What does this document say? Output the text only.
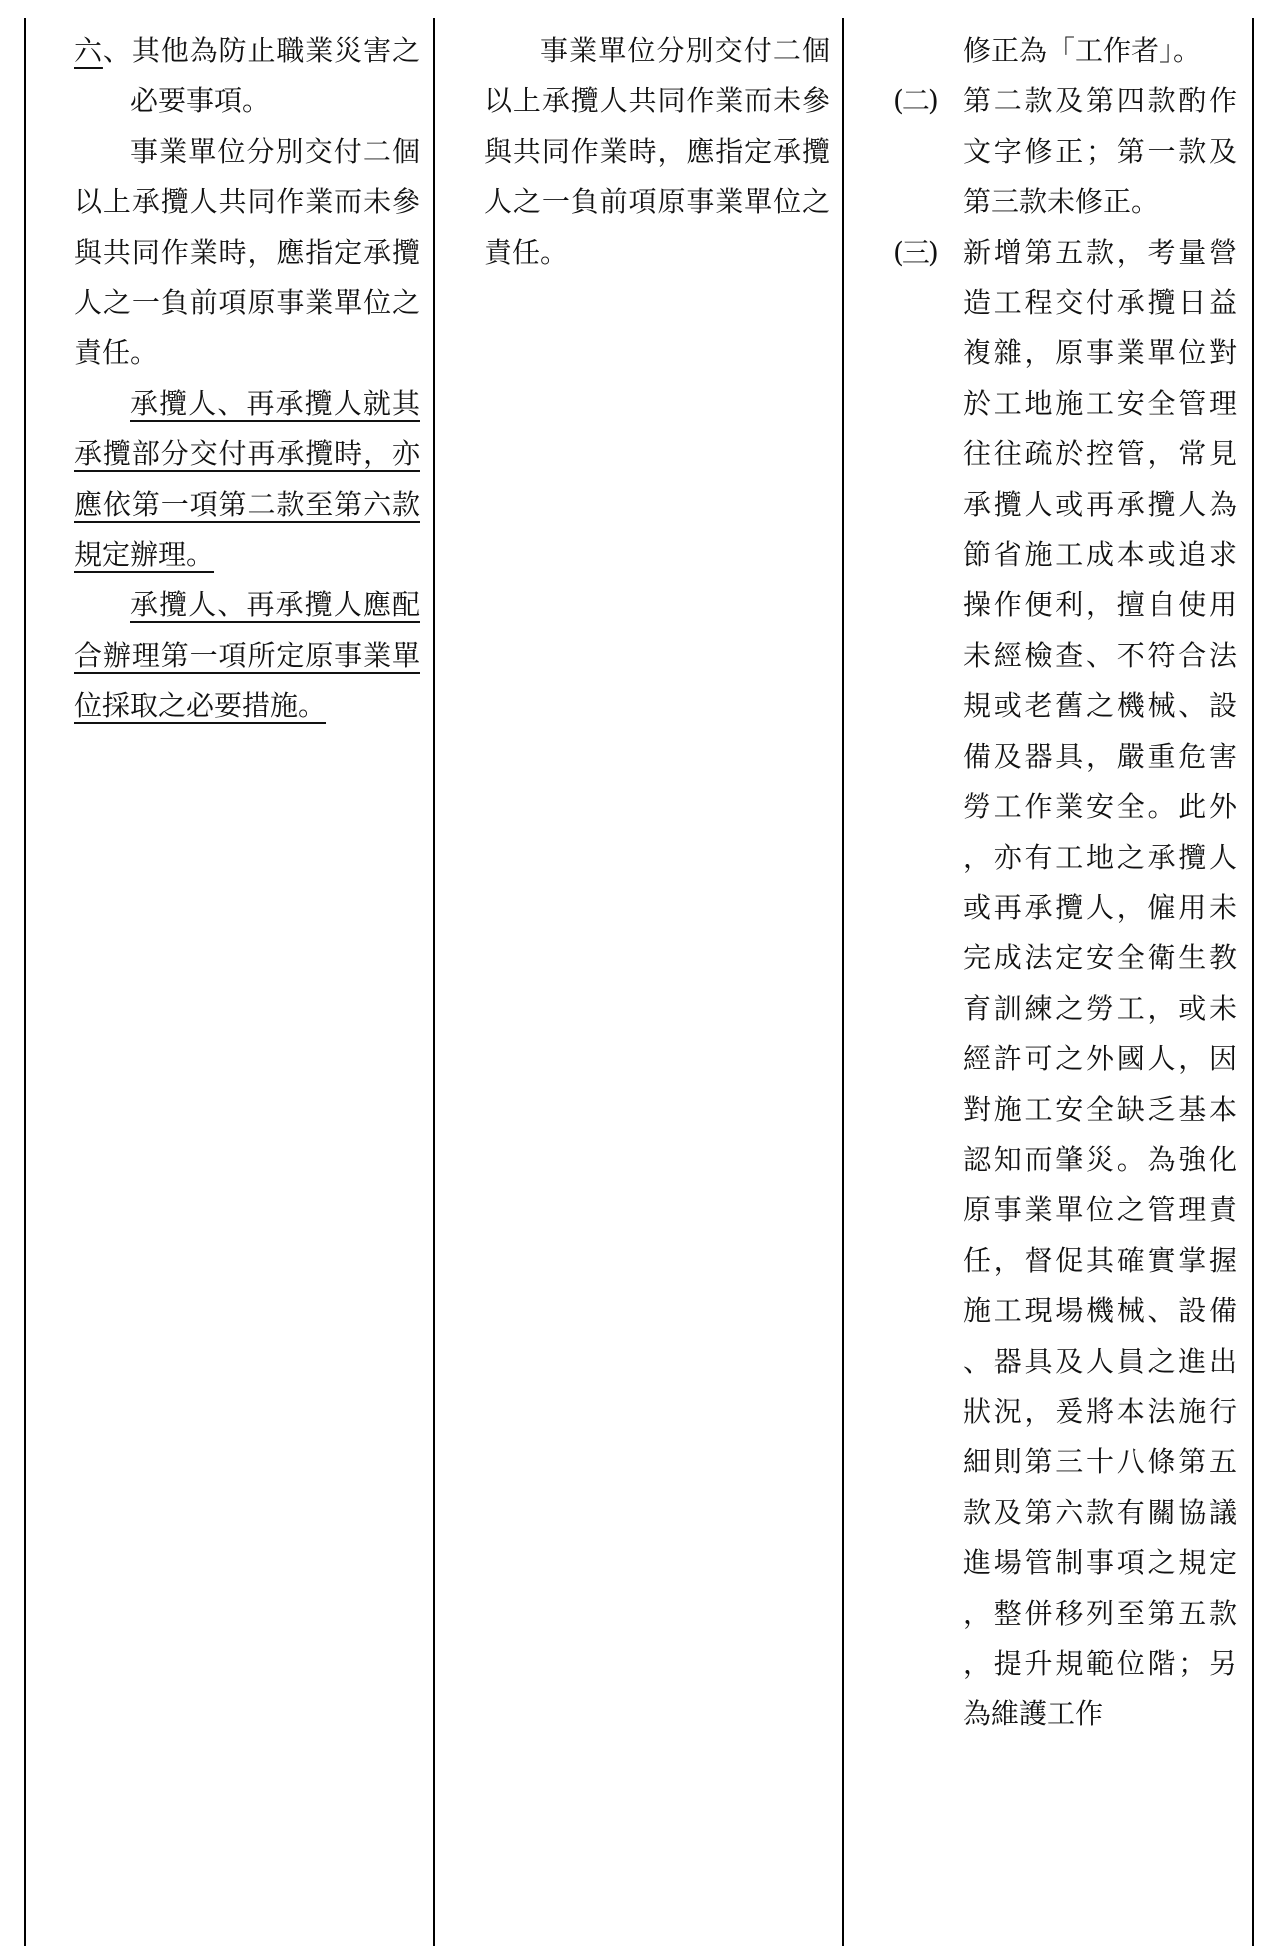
六、其他為防止職業災害之必要事項。

事業單位分別交付二個以上承攬人共同作業而未參與共同作業時，應指定承攬人之一負前項原事業單位之責任。

承攬人、再承攬人就其承攬部分交付再承攬時，亦應依第一項第二款至第六款規定辦理。

承攬人、再承攬人應配合辦理第一項所定原事業單位採取之必要措施。

事業單位分別交付二個以上承攬人共同作業而未參與共同作業時，應指定承攬人之一負前項原事業單位之責任。

修正為「工作者」。

(二) 第二款及第四款酌作文字修正；第一款及第三款未修正。
(三) 新增第五款，考量營造工程交付承攬日益複雜，原事業單位對於工地施工安全管理往往疏於控管，常見承攬人或再承攬人為節省施工成本或追求操作便利，擅自使用未經檢查、不符合法規或老舊之機械、設備及器具，嚴重危害勞工作業安全。此外，亦有工地之承攬人或再承攬人，僱用未完成法定安全衛生教育訓練之勞工，或未經許可之外國人，因對施工安全缺乏基本認知而肇災。為強化原事業單位之管理責任，督促其確實掌握施工現場機械、設備、器具及人員之進出狀況，爰將本法施行細則第三十八條第五款及第六款有關協議進場管制事項之規定，整併移列至第五款，提升規範位階；另為維護工作
